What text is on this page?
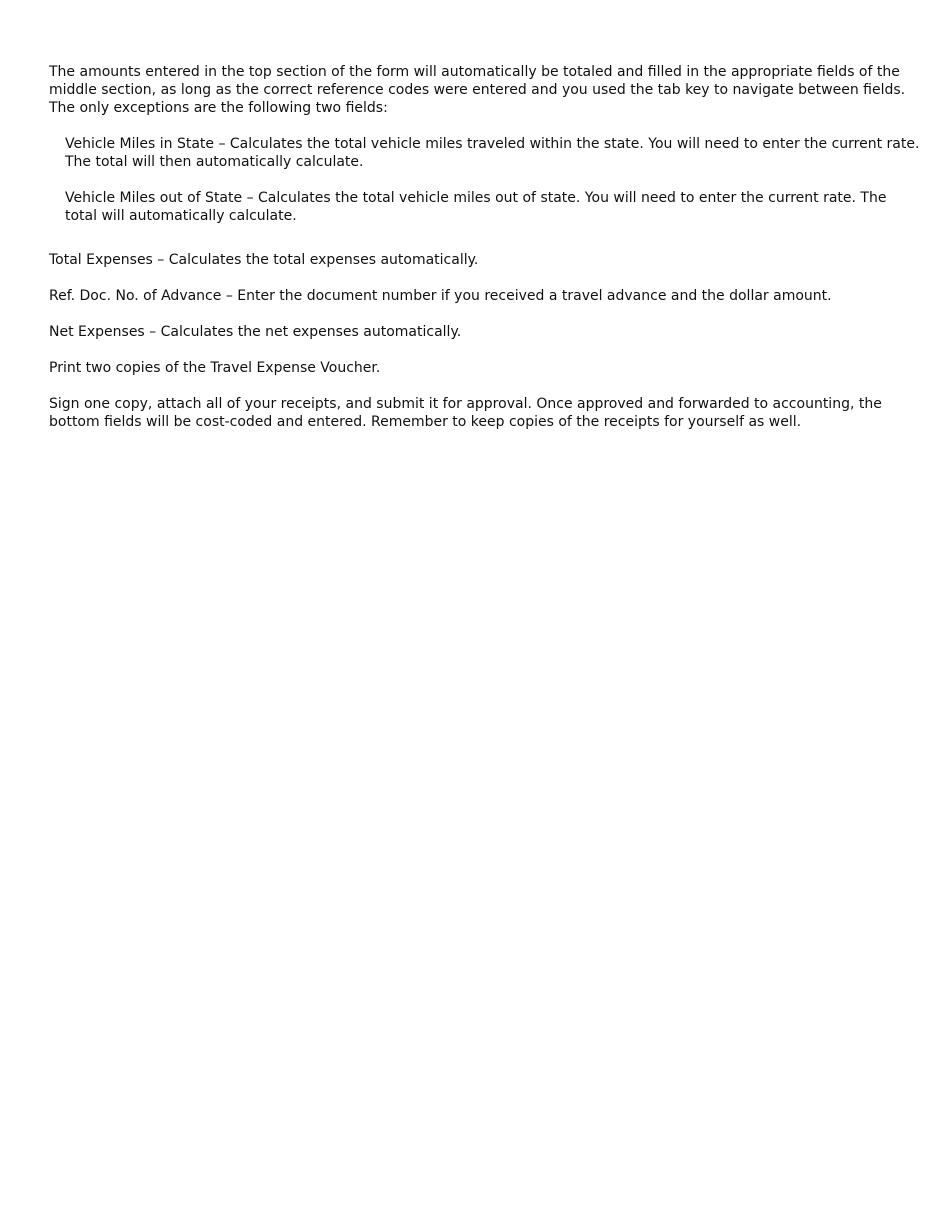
The amounts entered in the top section of the form will automatically be totaled and filled in the appropriate fields of the middle section, as long as the correct reference codes were entered and you used the tab key to navigate between fields. The only exceptions are the following two fields:

Vehicle Miles in State – Calculates the total vehicle miles traveled within the state. You will need to enter the current rate. The total will then automatically calculate.

Vehicle Miles out of State – Calculates the total vehicle miles out of state. You will need to enter the current rate. The total will automatically calculate.

Total Expenses – Calculates the total expenses automatically.

Ref. Doc. No. of Advance – Enter the document number if you received a travel advance and the dollar amount.

Net Expenses – Calculates the net expenses automatically.

Print two copies of the Travel Expense Voucher.

Sign one copy, attach all of your receipts, and submit it for approval. Once approved and forwarded to accounting, the bottom fields will be cost-coded and entered. Remember to keep copies of the receipts for yourself as well.
